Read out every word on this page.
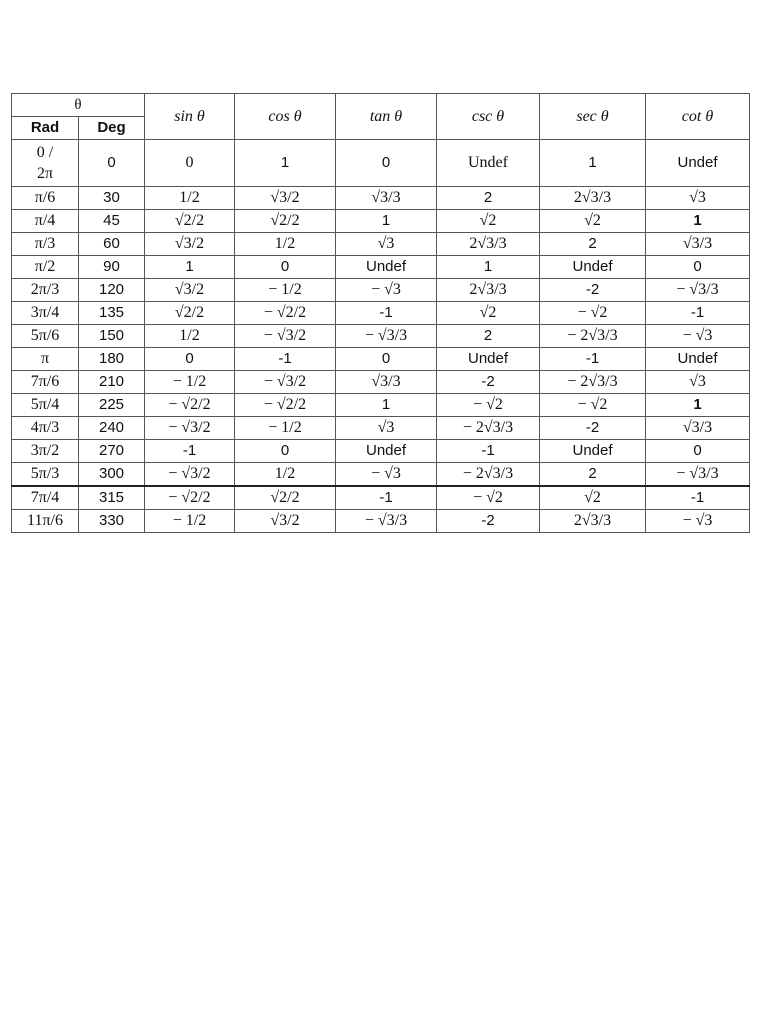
θ		sin θ	cos θ	tan θ	csc θ	sec θ	cot θ
Rad	Deg						
0 /
2π	0	0	1	0	Undef	1	Undef
π/6	30	1/2	√3/2	√3/3	2	2√3/3	√3
π/4	45	√2/2	√2/2	1	√2	√2	1
π/3	60	√3/2	1/2	√3	2√3/3	2	√3/3
π/2	90	1	0	Undef	1	Undef	0
2π/3	120	√3/2	− 1/2	− √3	2√3/3	-2	− √3/3
3π/4	135	√2/2	− √2/2	-1	√2	− √2	-1
5π/6	150	1/2	− √3/2	− √3/3	2	− 2√3/3	− √3
π	180	0	-1	0	Undef	-1	Undef
7π/6	210	− 1/2	− √3/2	√3/3	-2	− 2√3/3	√3
5π/4	225	− √2/2	− √2/2	1	− √2	− √2	1
4π/3	240	− √3/2	− 1/2	√3	− 2√3/3	-2	√3/3
3π/2	270	-1	0	Undef	-1	Undef	0
5π/3	300	− √3/2	1/2	− √3	− 2√3/3	2	− √3/3
7π/4	315	− √2/2	√2/2	-1	− √2	√2	-1
11π/6	330	− 1/2	√3/2	− √3/3	-2	2√3/3	− √3
